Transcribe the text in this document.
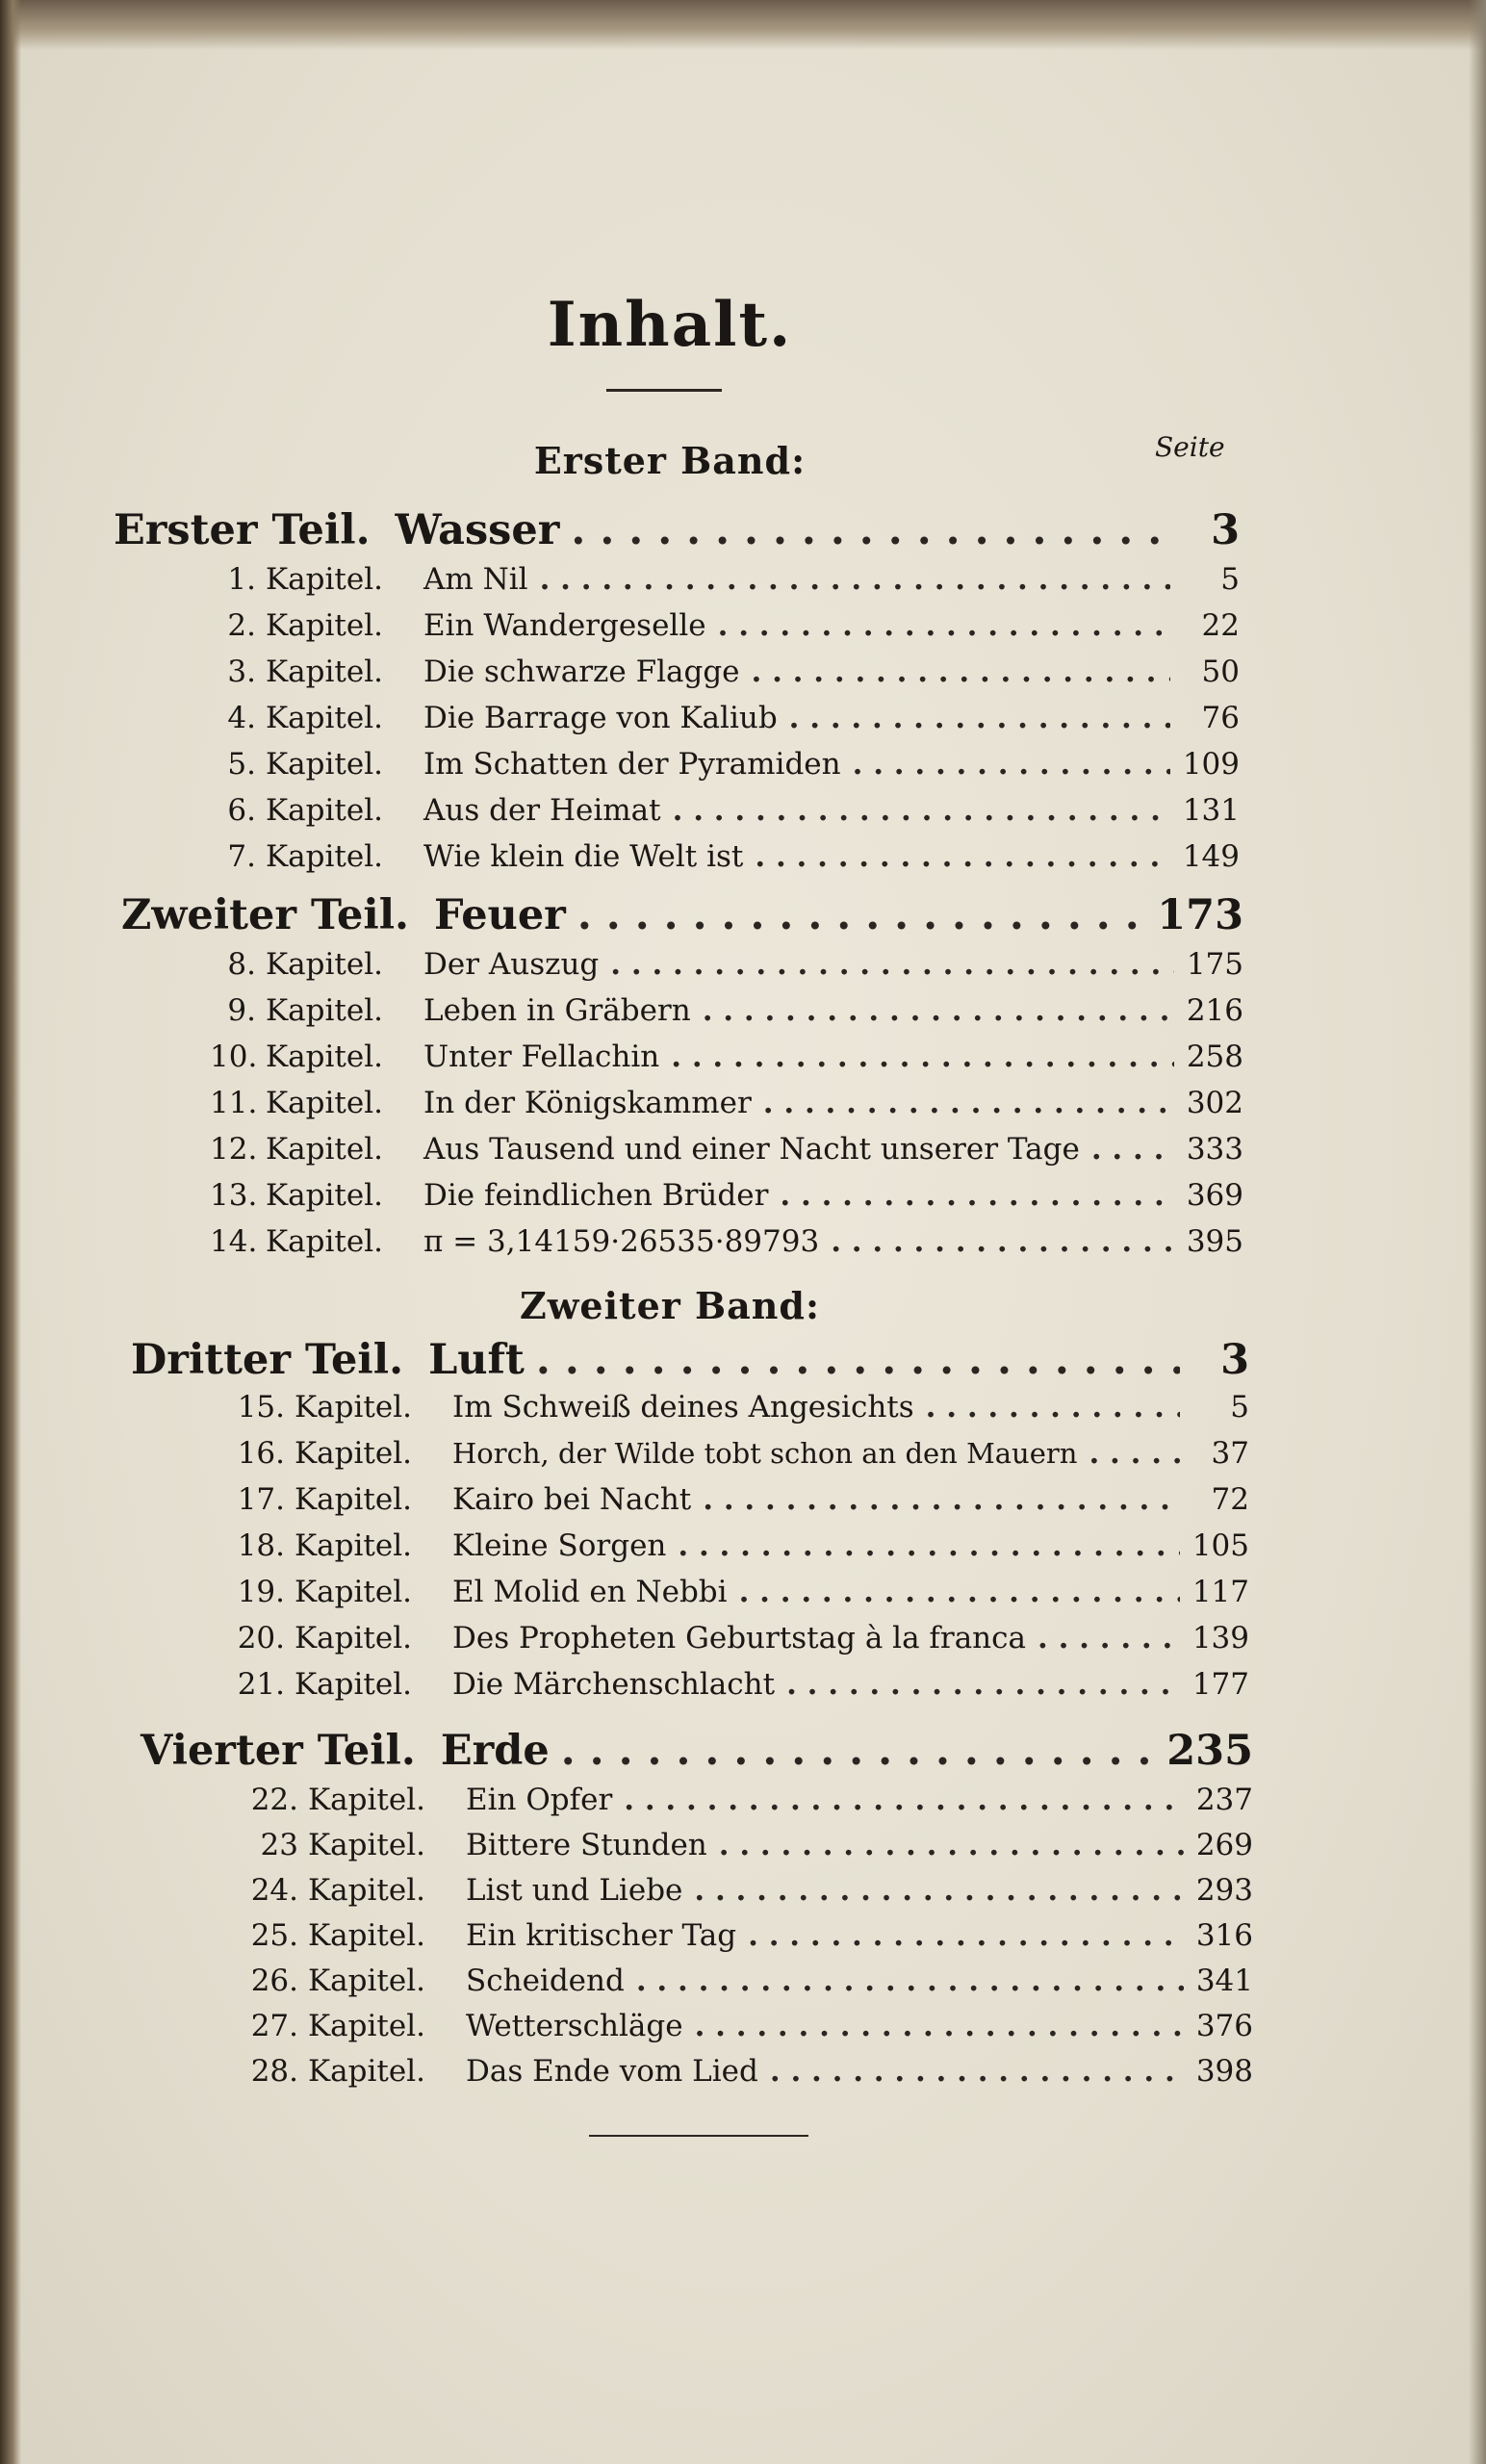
Inhalt.
Erster Band:	Seite
Erster Teil. Wasser . . .	3
1. Kapitel.	Am Nil . . .	5
2. Kapitel.	Ein Wandergeselle . . .	22
3. Kapitel.	Die schwarze Flagge . . .	50
4. Kapitel.	Die Barrage von Kaliub . . .	76
5. Kapitel.	Im Schatten der Pyramiden . . .	109
6. Kapitel.	Aus der Heimat . . .	131
7. Kapitel.	Wie klein die Welt ist . . .	149
Zweiter Teil. Feuer . . .	173
8. Kapitel.	Der Auszug . . .	175
9. Kapitel.	Leben in Gräbern . . .	216
10. Kapitel.	Unter Fellachin . . .	258
11. Kapitel.	In der Königskammer . . .	302
12. Kapitel.	Aus Tausend und einer Nacht unserer Tage . . .	333
13. Kapitel.	Die feindlichen Brüder . . .	369
14. Kapitel.	π = 3,14159·26535·89793 . . .	395
Zweiter Band:
Dritter Teil. Luft . . .	3
15. Kapitel.	Im Schweiß deines Angesichts . . .	5
16. Kapitel.	Horch, der Wilde tobt schon an den Mauern . . .	37
17. Kapitel.	Kairo bei Nacht . . .	72
18. Kapitel.	Kleine Sorgen . . .	105
19. Kapitel.	El Molid en Nebbi . . .	117
20. Kapitel.	Des Propheten Geburtstag à la franca . . .	139
21. Kapitel.	Die Märchenschlacht . . .	177
Vierter Teil. Erde . . .	235
22. Kapitel.	Ein Opfer . . .	237
23 Kapitel.	Bittere Stunden . . .	269
24. Kapitel.	List und Liebe . . .	293
25. Kapitel.	Ein kritischer Tag . . .	316
26. Kapitel.	Scheidend . . .	341
27. Kapitel.	Wetterschläge . . .	376
28. Kapitel.	Das Ende vom Lied . . .	398
